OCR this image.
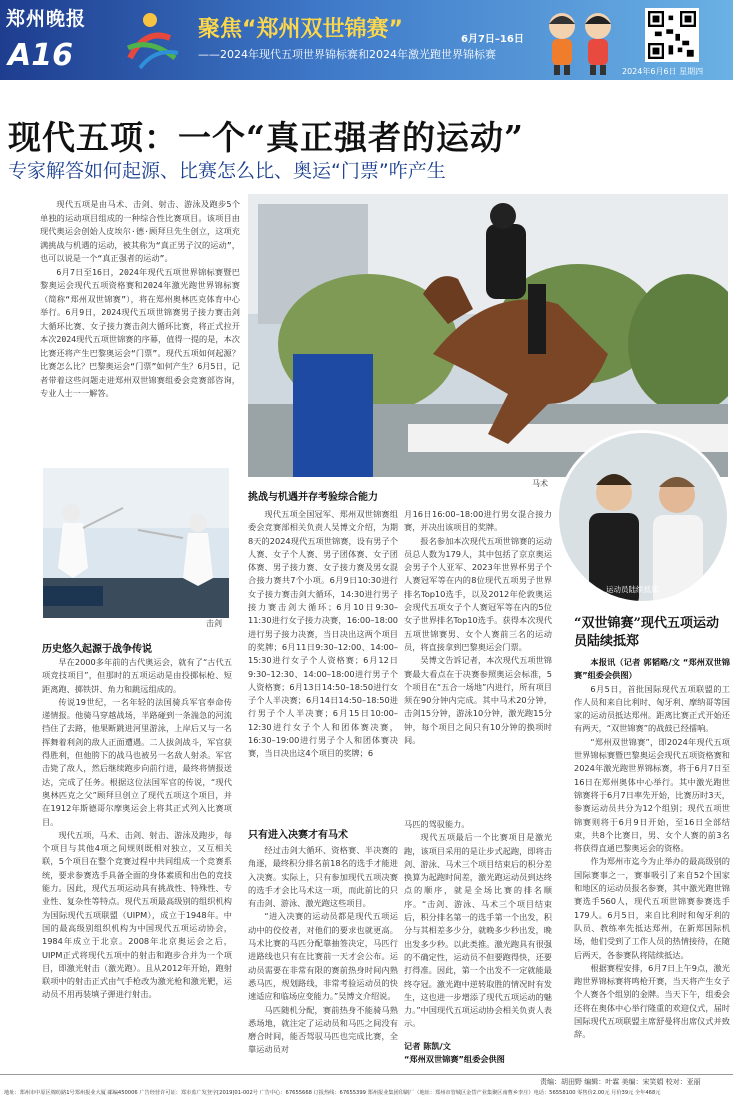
郑州晚报
A16
聚焦“郑州双世锦赛”	6月7日–16日
——2024年现代五项世界锦标赛和2024年激光跑世界锦标赛
2024年6月6日 星期四
现代五项：一个“真正强者的运动”
专家解答如何起源、比赛怎么比、奥运“门票”咋产生

现代五项是由马术、击剑、射击、游泳及跑步5个单独的运动项目组成的一种综合性比赛项目。该项目由现代奥运会创始人皮埃尔·德·顾拜旦先生创立，这项充满挑战与机遇的运动，被其称为“真正男子汉的运动”，也可以说是一个“真正强者的运动”。

6月7日至16日，2024年现代五项世界锦标赛暨巴黎奥运会现代五项资格赛和2024年激光跑世界锦标赛（简称“郑州双世锦赛”），将在郑州奥林匹克体育中心举行。6月9日，2024现代五项世锦赛男子接力赛击剑大循环比赛、女子接力赛击剑大循环比赛，将正式拉开本次2024现代五项世锦赛的序幕，值得一提的是，本次比赛还将产生巴黎奥运会“门票”。现代五项如何起源？比赛怎么比？巴黎奥运会“门票”如何产生？6月5日，记者带着这些问题走进郑州双世锦赛组委会竞赛部咨询，专业人士一一解答。

马术
击剑
运动员陆续抵郑
历史悠久起源于战争传说

早在2000多年前的古代奥运会，就有了“古代五项竞技项目”，但那时的五项运动是由投掷标枪、短距离跑、掷铁饼、角力和跳远组成的。

传说19世纪，一名年轻的法国骑兵军官奉命传递情报。他骑马穿越战场，半路碰到一条湍急的河流挡住了去路，他果断跳进河里游泳，上岸后又与一名挥舞着利剑的敌人正面遭遇。二人拔剑战斗，军官获得胜利，但他胯下的战马也被另一名敌人射杀。军官击毙了敌人，然后继续跑步向前行进，最终将情报送达，完成了任务。根据这位法国军官的传说，“现代奥林匹克之父”顾拜旦创立了现代五项这个项目，并在1912年斯德哥尔摩奥运会上将其正式列入比赛项目。

现代五项，马术、击剑、射击、游泳及跑步，每个项目与其他4项之间规则既相对独立，又互相关联，5个项目在整个竞赛过程中共同组成一个竞赛系统，要求参赛选手具备全面的身体素质和出色的竞技能力。因此，现代五项运动具有挑战性、特殊性、专业性、复杂性等特点。现代五项最高级别的组织机构为国际现代五项联盟（UIPM），成立于1948年。中国的最高级别组织机构为中国现代五项运动协会，1984年成立于北京。2008年北京奥运会之后，UIPM正式将现代五项中的射击和跑步合并为一个项目，即激光射击（激光跑）。且从2012年开始，跑射联项中的射击正式由气手枪改为激光枪和激光靶，运动员不用再装填子弹进行射击。

挑战与机遇并存考验综合能力

现代五项全国冠军、郑州双世锦赛组委会竞赛部相关负责人吴博文介绍，为期8天的2024现代五项世锦赛，设有男子个人赛、女子个人赛、男子团体赛、女子团体赛、男子接力赛、女子接力赛及男女混合接力赛共7个小项。6月9日10:30进行女子接力赛击剑大循环，14:30进行男子接力赛击剑大循环；6月10日9:30–11:30进行女子接力决赛，16:00–18:00进行男子接力决赛，当日决出这两个项目的奖牌；6月11日9:30–12:00、14:00–15:30进行女子个人资格赛；6月12日9:30–12:30、14:00–18:00进行男子个人资格赛；6月13日14:50–18:50进行女子个人半决赛；6月14日14:50–18:50进行男子个人半决赛；6月15日10:00–12:30进行女子个人和团体赛决赛，16:30–19:00进行男子个人和团体赛决赛，当日决出这4个项目的奖牌；6

月16日16:00–18:00进行男女混合接力赛，并决出该项目的奖牌。

报名参加本次现代五项世锦赛的运动员总人数为179人，其中包括了京京奥运会男子个人亚军、2023年世界杯男子个人赛冠军等在内的8位现代五项男子世界排名Top10选手，以及2012年伦敦奥运会现代五项女子个人赛冠军等在内的5位女子世界排名Top10选手。获得本次现代五项世锦赛男、女个人赛前三名的运动员，将直接拿到巴黎奥运会门票。

吴博文告诉记者，本次现代五项世锦赛最大看点在于决赛参照奥运会标准，5个项目在“五合一场地”内进行，所有项目须在90分钟内完成。其中马术20分钟，击剑15分钟，游泳10分钟，激光跑15分钟，每个项目之间只有10分钟的换项时间。

只有进入决赛才有马术

经过击剑大循环、资格赛、半决赛的角逐，最终积分排名前18名的选手才能进入决赛。实际上，只有参加现代五项决赛的选手才会比马术这一项，而此前比的只有击剑、游泳、激光跑这些项目。

“进入决赛的运动员都是现代五项运动中的佼佼者，对他们的要求也就更高。马术比赛的马匹分配靠抽签决定，马匹行进路线也只有在比赛前一天才会公布。运动员需要在非常有限的赛前热身时间内熟悉马匹，规划路线，非常考验运动员的快速适应和临场应变能力。”吴博文介绍说。

马匹随机分配，赛前热身不能骑马熟悉场地，就注定了运动员和马匹之间没有磨合时间，能否驾驭马匹也完成比赛，全靠运动员对

马匹的驾驭能力。

现代五项最后一个比赛项目是激光跑，该项目采用的是让步式起跑，即将击剑、游泳、马术三个项目结束后的积分差换算为起跑时间差，激光跑运动员到达终点的顺序，就是全场比赛的排名顺序。“击剑、游泳、马术三个项目结束后，积分排名第一的选手第一个出发，积分与其相差多少分，就晚多少秒出发，晚出发多少秒。以此类推。激光跑具有很强的不确定性，运动员不但要跑得快，还要打得准。因此，第一个出发不一定就能最终夺冠。激光跑中逆转取胜的情况时有发生，这也进一步增添了现代五项运动的魅力。”中国现代五项运动协会相关负责人表示。

记者 陈凯/文
“郑州双世锦赛”组委会供图
“双世锦赛”现代五项运动员陆续抵郑

本报讯（记者 郭韬略/文 “郑州双世锦赛”组委会供图）

6月5日，首批国际现代五项联盟的工作人员和来自比利时、匈牙利、摩纳哥等国家的运动员抵达郑州。距离比赛正式开始还有两天，“双世锦赛”的战鼓已经擂响。

“郑州双世锦赛”，即2024年现代五项世界锦标赛暨巴黎奥运会现代五项资格赛和2024年激光跑世界锦标赛，将于6月7日至16日在郑州奥体中心举行。其中激光跑世锦赛将于6月7日率先开始，比赛历时3天，参赛运动员共分为12个组别；现代五项世锦赛则将于6月9日开始，至16日全部结束，共8个比赛日，男、女个人赛的前3名将获得直通巴黎奥运会的资格。

作为郑州市迄今为止举办的最高级别的国际赛事之一，赛事吸引了来自52个国家和地区的运动员报名参赛，其中激光跑世锦赛选手560人，现代五项世锦赛参赛选手179人。6月5日，来自比利时和匈牙利的队员、教练率先抵达郑州，在新郑国际机场，他们受到了工作人员的热情接待，在随后两天，各参赛队将陆续抵达。

根据赛程安排，6月7日上午9点，激光跑世界锦标赛将鸣枪开赛，当天将产生女子个人赛各个组别的金牌。当天下午，组委会还将在奥体中心举行隆重的欢迎仪式，届时国际现代五项联盟主席舒曼将出席仪式并致辞。

责编：胡田野 编辑：叶霖 美编：宋笑娟 校对：亚丽
地址：郑州市中原区棉纺路1号郑州报业大厦 邮编450006 广告经营许可证：郑市监广发登字[2019]01-002号 广告中心：67655668 订报热线：67655399 郑州报业集团印刷厂（地址：郑州市管城区金岱产业集聚区南曹乡李庄）电话：56558100 零售价2.00元 月价39元 全年468元
